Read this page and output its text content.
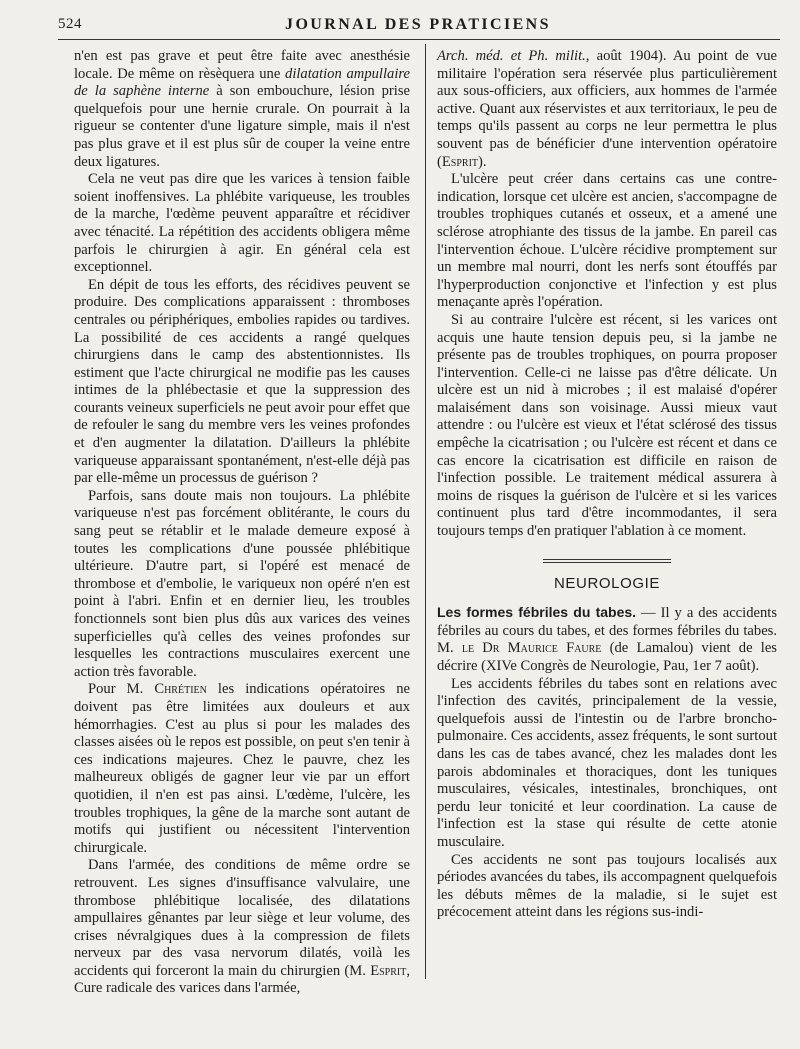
524	JOURNAL DES PRATICIENS

n'en est pas grave et peut être faite avec anesthésie locale. De même on rèsèquera une dilatation ampullaire de la saphène interne à son embouchure, lésion prise quelquefois pour une hernie crurale. On pourrait à la rigueur se contenter d'une ligature simple, mais il n'est pas plus grave et il est plus sûr de couper la veine entre deux ligatures.

Cela ne veut pas dire que les varices à tension faible soient inoffensives. La phlébite variqueuse, les troubles de la marche, l'œdème peuvent apparaître et récidiver avec ténacité. La répétition des accidents obligera même parfois le chirurgien à agir. En général cela est exceptionnel.

En dépit de tous les efforts, des récidives peuvent se produire. Des complications apparaissent : thromboses centrales ou périphériques, embolies rapides ou tardives. La possibilité de ces accidents a rangé quelques chirurgiens dans le camp des abstentionnistes. Ils estiment que l'acte chirurgical ne modifie pas les causes intimes de la phlébectasie et que la suppression des courants veineux superficiels ne peut avoir pour effet que de refouler le sang du membre vers les veines profondes et d'en augmenter la dilatation. D'ailleurs la phlébite variqueuse apparaissant spontanément, n'est-elle déjà pas par elle-même un processus de guérison ?

Parfois, sans doute mais non toujours. La phlébite variqueuse n'est pas forcément oblitérante, le cours du sang peut se rétablir et le malade demeure exposé à toutes les complications d'une poussée phlébitique ultérieure. D'autre part, si l'opéré est menacé de thrombose et d'embolie, le variqueux non opéré n'en est point à l'abri. Enfin et en dernier lieu, les troubles fonctionnels sont bien plus dûs aux varices des veines superficielles qu'à celles des veines profondes sur lesquelles les contractions musculaires exercent une action très favorable.

Pour M. Chrétien les indications opératoires ne doivent pas être limitées aux douleurs et aux hémorrhagies. C'est au plus si pour les malades des classes aisées où le repos est possible, on peut s'en tenir à ces indications majeures. Chez le pauvre, chez les malheureux obligés de gagner leur vie par un effort quotidien, il n'en est pas ainsi. L'œdème, l'ulcère, les troubles trophiques, la gêne de la marche sont autant de motifs qui justifient ou nécessitent l'intervention chirurgicale.

Dans l'armée, des conditions de même ordre se retrouvent. Les signes d'insuffisance valvulaire, une thrombose phlébitique localisée, des dilatations ampullaires gênantes par leur siège et leur volume, des crises névralgiques dues à la compression de filets nerveux par des vasa nervorum dilatés, voilà les accidents qui forceront la main du chirurgien (M. Esprit, Cure radicale des varices dans l'armée,

Arch. méd. et Ph. milit., août 1904). Au point de vue militaire l'opération sera réservée plus particulièrement aux sous-officiers, aux officiers, aux hommes de l'armée active. Quant aux réservistes et aux territoriaux, le peu de temps qu'ils passent au corps ne leur permettra le plus souvent pas de bénéficier d'une intervention opératoire (Esprit).

L'ulcère peut créer dans certains cas une contre-indication, lorsque cet ulcère est ancien, s'accompagne de troubles trophiques cutanés et osseux, et a amené une sclérose atrophiante des tissus de la jambe. En pareil cas l'intervention échoue. L'ulcère récidive promptement sur un membre mal nourri, dont les nerfs sont étouffés par l'hyperproduction conjonctive et l'infection y est plus menaçante après l'opération.

Si au contraire l'ulcère est récent, si les varices ont acquis une haute tension depuis peu, si la jambe ne présente pas de troubles trophiques, on pourra proposer l'intervention. Celle-ci ne laisse pas d'être délicate. Un ulcère est un nid à microbes ; il est malaisé d'opérer malaisément dans son voisinage. Aussi mieux vaut attendre : ou l'ulcère est vieux et l'état sclérosé des tissus empêche la cicatrisation ; ou l'ulcère est récent et dans ce cas encore la cicatrisation est difficile en raison de l'infection possible. Le traitement médical assurera à moins de risques la guérison de l'ulcère et si les varices continuent plus tard d'être incommodantes, il sera toujours temps d'en pratiquer l'ablation à ce moment.

NEUROLOGIE

Les formes fébriles du tabes. — Il y a des accidents fébriles au cours du tabes, et des formes fébriles du tabes. M. le Dr Maurice Faure (de Lamalou) vient de les décrire (XIVe Congrès de Neurologie, Pau, 1er 7 août).

Les accidents fébriles du tabes sont en relations avec l'infection des cavités, principalement de la vessie, quelquefois aussi de l'intestin ou de l'arbre broncho-pulmonaire. Ces accidents, assez fréquents, le sont surtout dans les cas de tabes avancé, chez les malades dont les parois abdominales et thoraciques, dont les tuniques musculaires, vésicales, intestinales, bronchiques, ont perdu leur tonicité et leur coordination. La cause de l'infection est la stase qui résulte de cette atonie musculaire.

Ces accidents ne sont pas toujours localisés aux périodes avancées du tabes, ils accompagnent quelquefois les débuts mêmes de la maladie, si le sujet est précocement atteint dans les régions sus-indi-
